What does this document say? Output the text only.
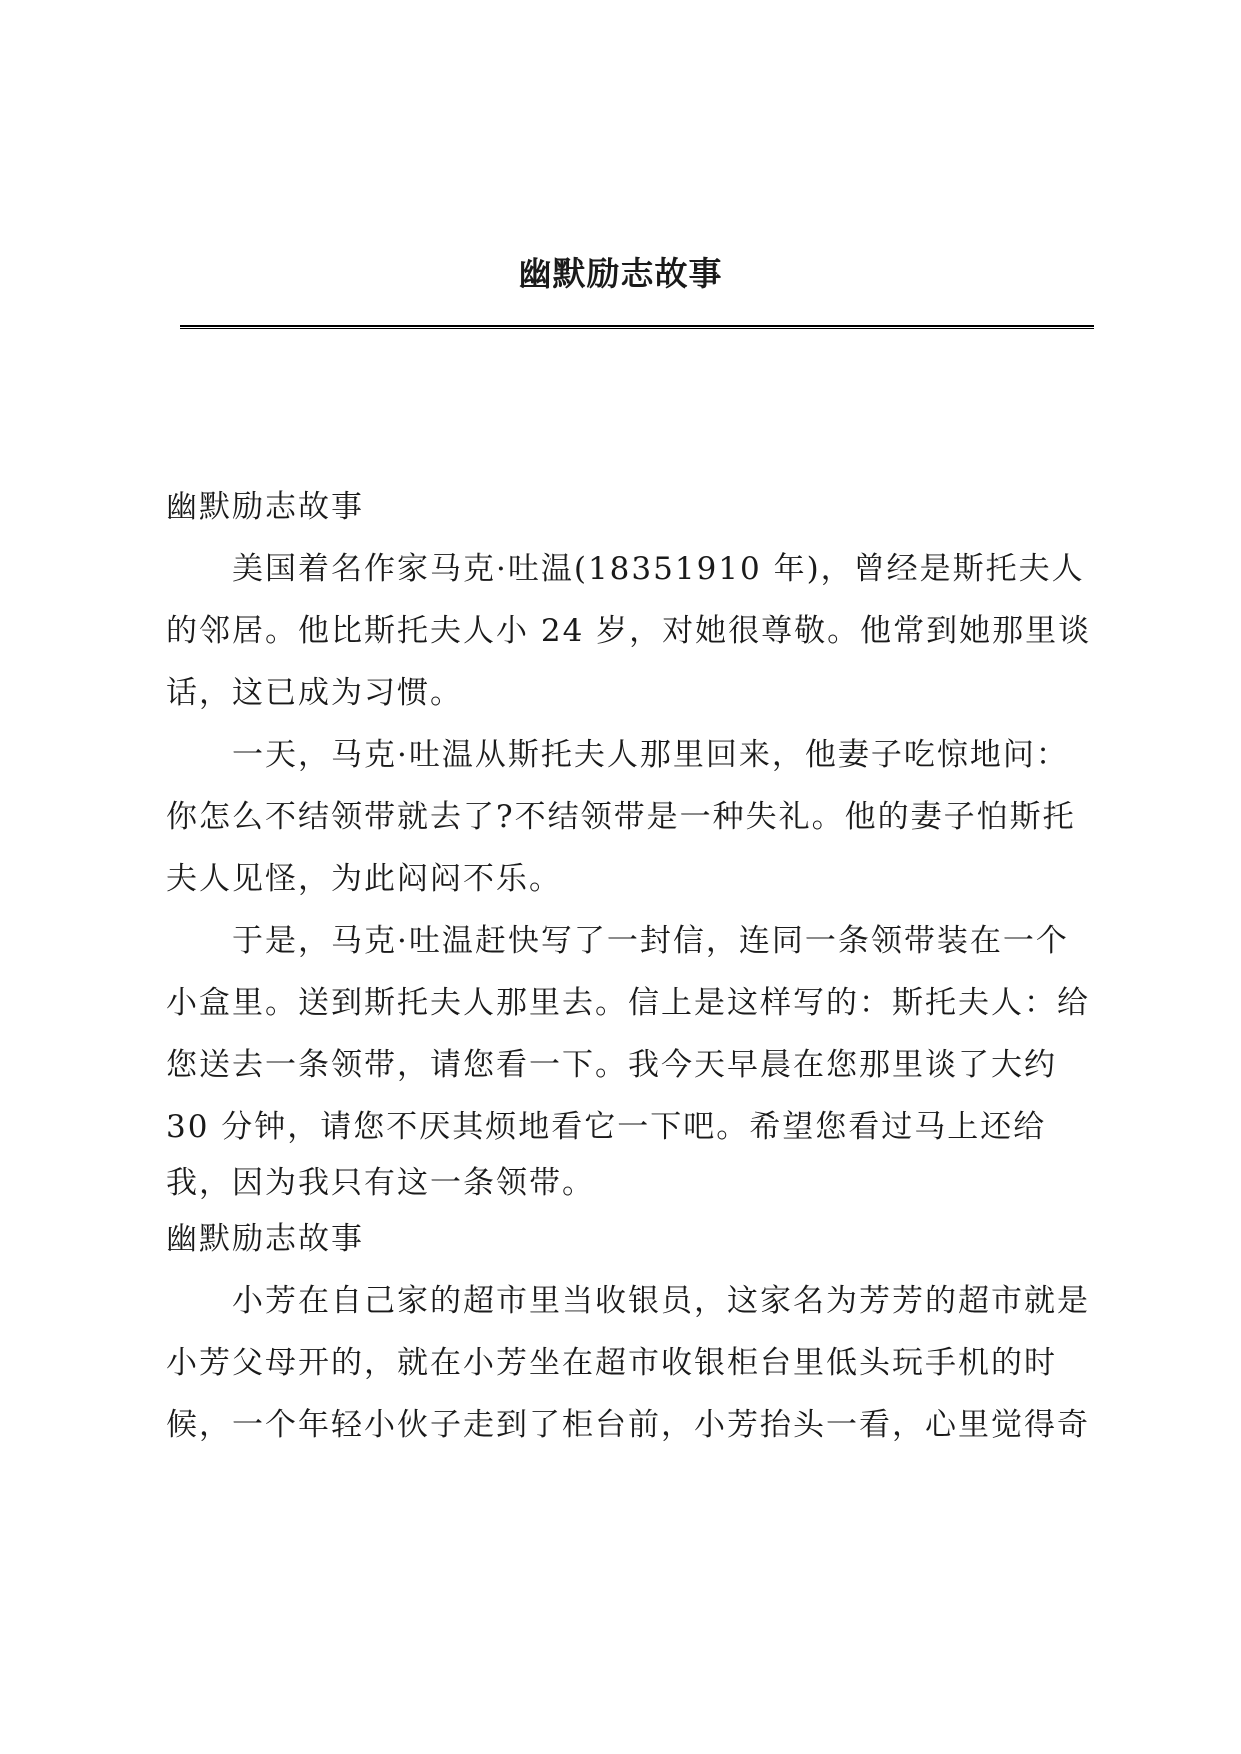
幽默励志故事
幽默励志故事
美国着名作家马克·吐温(18351910 年)，曾经是斯托夫人
的邻居。他比斯托夫人小 24 岁，对她很尊敬。他常到她那里谈
话，这已成为习惯。
一天，马克·吐温从斯托夫人那里回来，他妻子吃惊地问：
你怎么不结领带就去了?不结领带是一种失礼。他的妻子怕斯托
夫人见怪，为此闷闷不乐。
于是，马克·吐温赶快写了一封信，连同一条领带装在一个
小盒里。送到斯托夫人那里去。信上是这样写的：斯托夫人：给
您送去一条领带，请您看一下。我今天早晨在您那里谈了大约
30 分钟，请您不厌其烦地看它一下吧。希望您看过马上还给
我，因为我只有这一条领带。
幽默励志故事
小芳在自己家的超市里当收银员，这家名为芳芳的超市就是
小芳父母开的，就在小芳坐在超市收银柜台里低头玩手机的时
候，一个年轻小伙子走到了柜台前，小芳抬头一看，心里觉得奇
